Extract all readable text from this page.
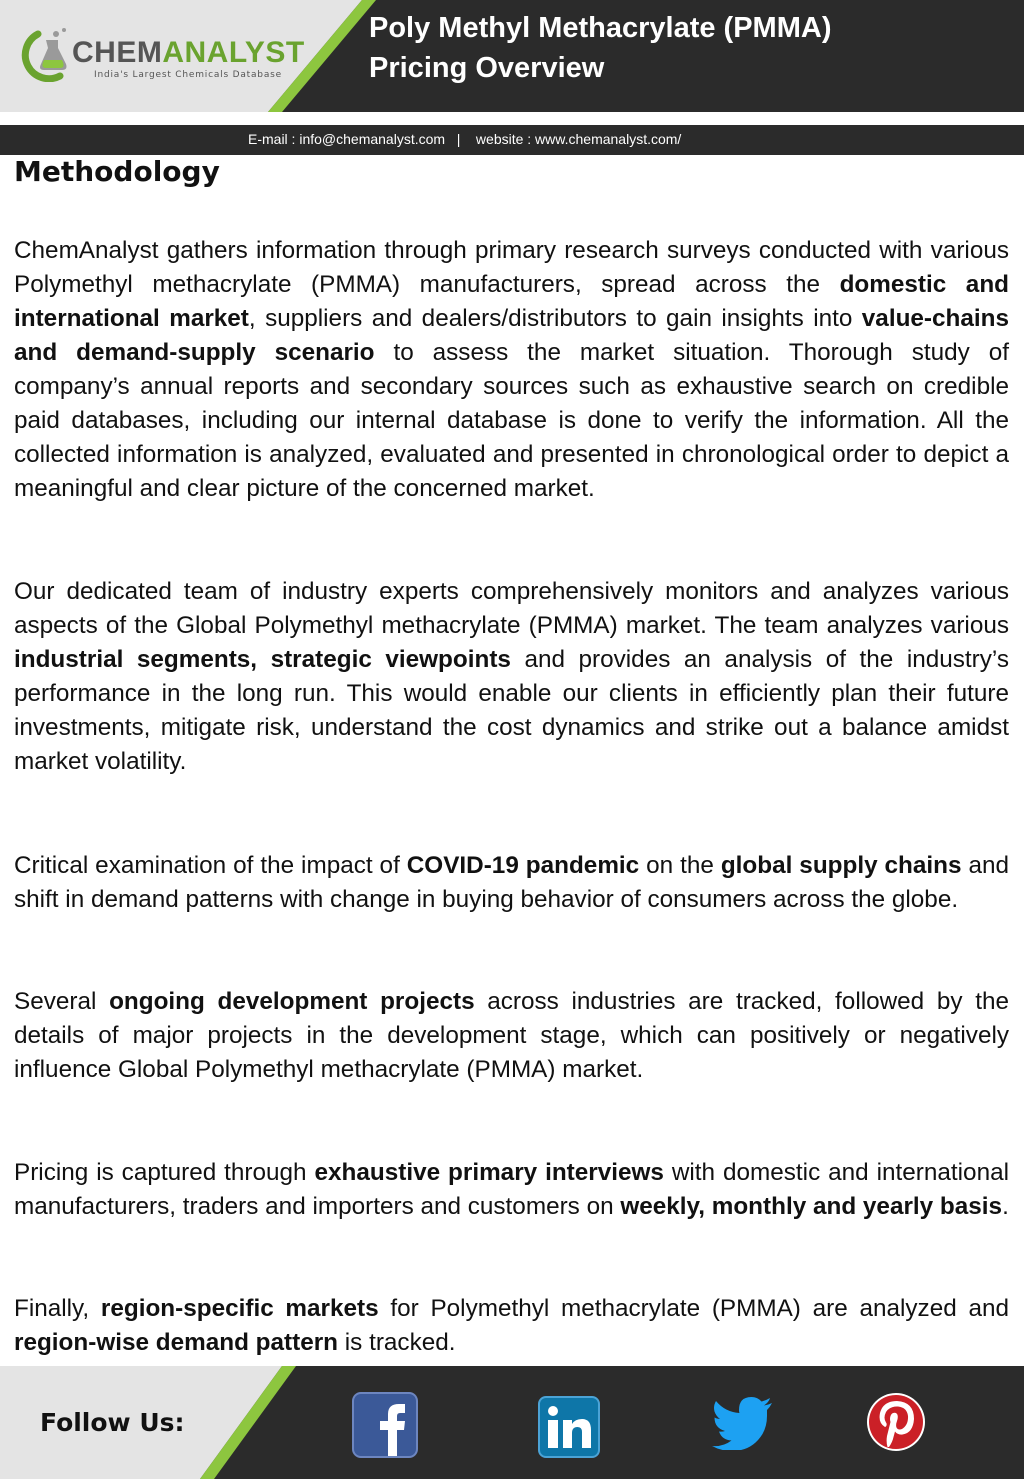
CHEMANALYST
India's Largest Chemicals Database
Poly Methyl Methacrylate (PMMA)
Pricing Overview
E-mail : info@chemanalyst.com   |    website : www.chemanalyst.com/
Methodology

ChemAnalyst gathers information through primary research surveys conducted with various Polymethyl methacrylate (PMMA) manufacturers, spread across the domestic and international market, suppliers and dealers/distributors to gain insights into value-chains and demand-supply scenario to assess the market situation. Thorough study of company’s annual reports and secondary sources such as exhaustive search on credible paid databases, including our internal database is done to verify the information. All the collected information is analyzed, evaluated and presented in chronological order to depict a meaningful and clear picture of the concerned market.

Our dedicated team of industry experts comprehensively monitors and analyzes various aspects of the Global Polymethyl methacrylate (PMMA) market. The team analyzes various industrial segments, strategic viewpoints and provides an analysis of the industry’s performance in the long run. This would enable our clients in efficiently plan their future investments, mitigate risk, understand the cost dynamics and strike out a balance amidst market volatility.

Critical examination of the impact of COVID-19 pandemic on the global supply chains and shift in demand patterns with change in buying behavior of consumers across the globe.

Several ongoing development projects across industries are tracked, followed by the details of major projects in the development stage, which can positively or negatively influence Global Polymethyl methacrylate (PMMA) market.

Pricing is captured through exhaustive primary interviews with domestic and international manufacturers, traders and importers and customers on weekly, monthly and yearly basis.

Finally, region-specific markets for Polymethyl methacrylate (PMMA) are analyzed and region-wise demand pattern is tracked.

Follow Us:
